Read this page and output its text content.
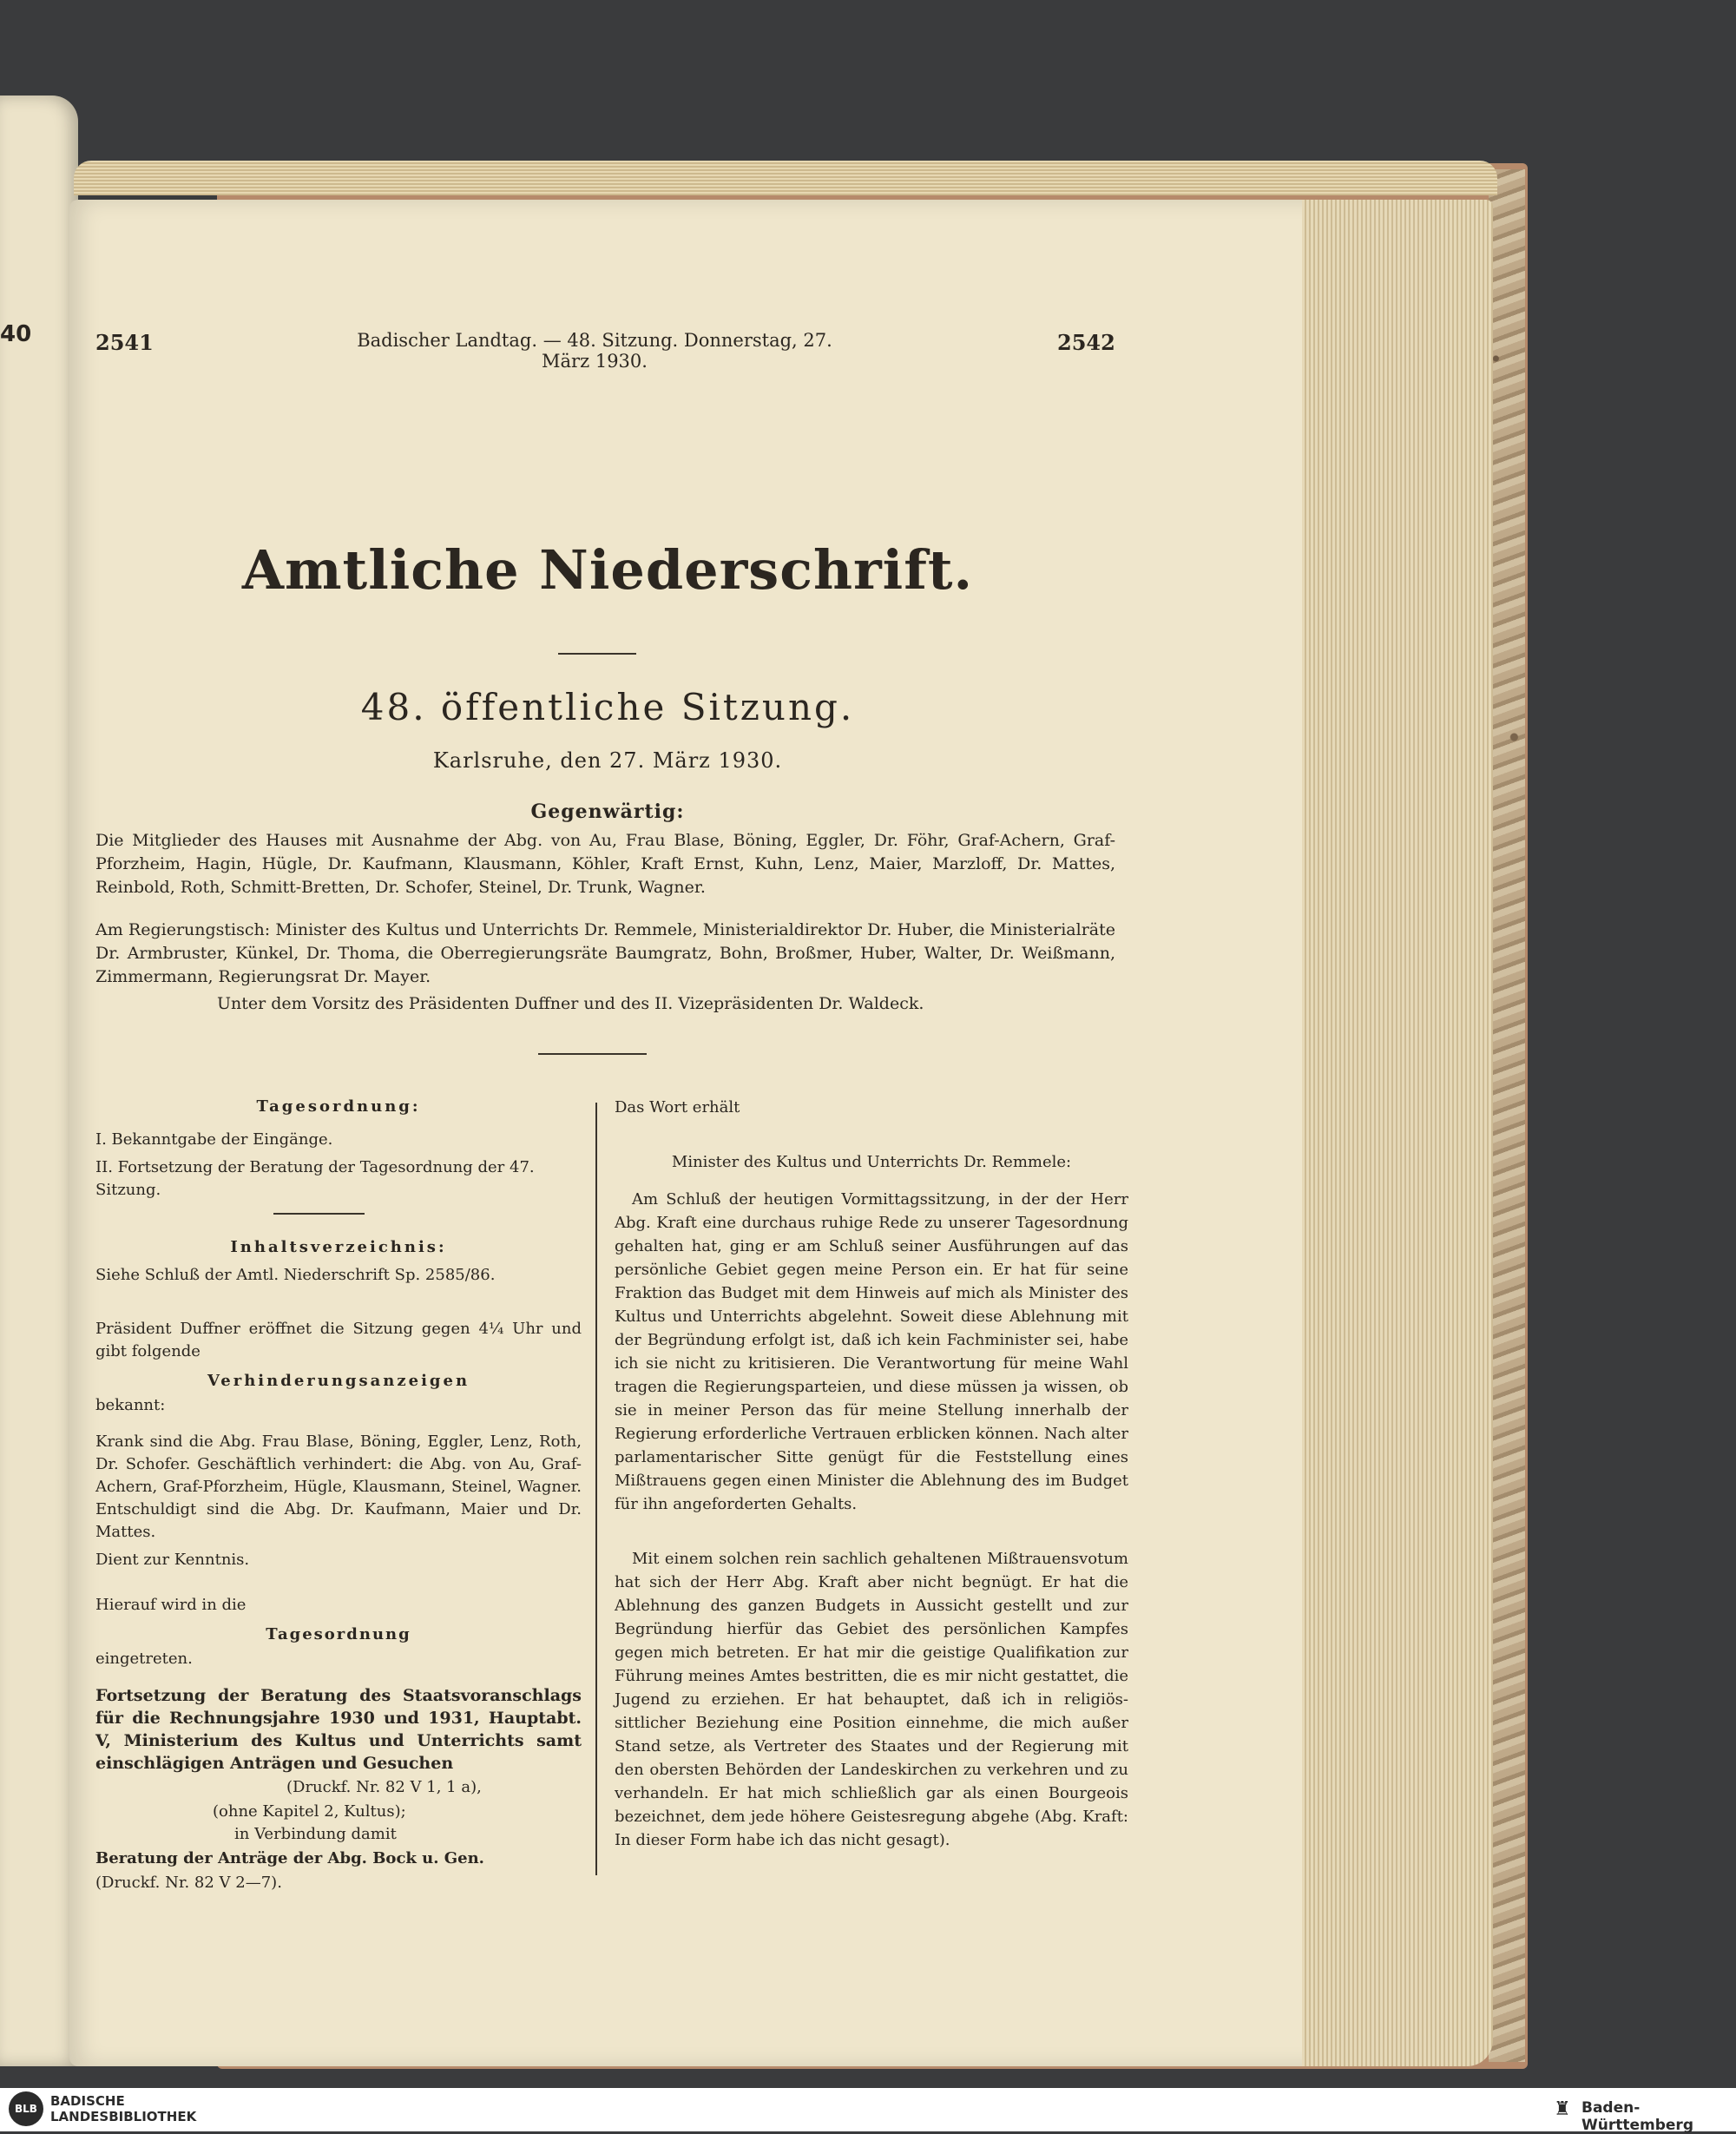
40	2541	Badischer Landtag. — 48. Sitzung. Donnerstag, 27. März 1930.
2542
Amtliche Niederschrift.
48. öffentliche Sitzung.
Karlsruhe, den 27. März 1930.
Gegenwärtig:
Die Mitglieder des Hauses mit Ausnahme der Abg. von Au, Frau Blase, Böning, Eggler, Dr. Föhr, Graf-Achern, Graf-Pforzheim, Hagin, Hügle, Dr. Kaufmann, Klausmann, Köhler, Kraft Ernst, Kuhn, Lenz, Maier, Marzloff, Dr. Mattes, Reinbold, Roth, Schmitt-Bretten, Dr. Schofer, Steinel, Dr. Trunk, Wagner.
Am Regierungstisch: Minister des Kultus und Unterrichts Dr. Remmele, Ministerialdirektor Dr. Huber, die Ministerialräte Dr. Armbruster, Künkel, Dr. Thoma, die Oberregierungsräte Baumgratz, Bohn, Broßmer, Huber, Walter, Dr. Weißmann, Zimmermann, Regierungsrat Dr. Mayer.
Unter dem Vorsitz des Präsidenten Duffner und des II. Vizepräsidenten Dr. Waldeck.
Tagesordnung:
I. Bekanntgabe der Eingänge.
II. Fortsetzung der Beratung der Tagesordnung der 47. Sitzung.
Inhaltsverzeichnis:
Siehe Schluß der Amtl. Niederschrift Sp. 2585/86.
Präsident Duffner eröffnet die Sitzung gegen 4¼ Uhr und gibt folgende
Verhinderungsanzeigen
bekannt:
Krank sind die Abg. Frau Blase, Böning, Eggler, Lenz, Roth, Dr. Schofer. Geschäftlich verhindert: die Abg. von Au, Graf-Achern, Graf-Pforzheim, Hügle, Klausmann, Steinel, Wagner. Entschuldigt sind die Abg. Dr. Kaufmann, Maier und Dr. Mattes.
Dient zur Kenntnis.
Hierauf wird in die
Tagesordnung
eingetreten.
Fortsetzung der Beratung des Staatsvoranschlags für die Rechnungsjahre 1930 und 1931, Hauptabt. V, Ministerium des Kultus und Unterrichts samt einschlägigen Anträgen und Gesuchen
(Druckf. Nr. 82 V 1, 1 a),
(ohne Kapitel 2, Kultus);
in Verbindung damit
Beratung der Anträge der Abg. Bock u. Gen.
(Druckf. Nr. 82 V 2—7).
Das Wort erhält
Minister des Kultus und Unterrichts Dr. Remmele:
Am Schluß der heutigen Vormittagssitzung, in der der Herr Abg. Kraft eine durchaus ruhige Rede zu unserer Tagesordnung gehalten hat, ging er am Schluß seiner Ausführungen auf das persönliche Gebiet gegen meine Person ein. Er hat für seine Fraktion das Budget mit dem Hinweis auf mich als Minister des Kultus und Unterrichts abgelehnt. Soweit diese Ablehnung mit der Begründung erfolgt ist, daß ich kein Fachminister sei, habe ich sie nicht zu kritisieren. Die Verantwortung für meine Wahl tragen die Regierungsparteien, und diese müssen ja wissen, ob sie in meiner Person das für meine Stellung innerhalb der Regierung erforderliche Vertrauen erblicken können. Nach alter parlamentarischer Sitte genügt für die Feststellung eines Mißtrauens gegen einen Minister die Ablehnung des im Budget für ihn angeforderten Gehalts.
Mit einem solchen rein sachlich gehaltenen Mißtrauensvotum hat sich der Herr Abg. Kraft aber nicht begnügt. Er hat die Ablehnung des ganzen Budgets in Aussicht gestellt und zur Begründung hierfür das Gebiet des persönlichen Kampfes gegen mich betreten. Er hat mir die geistige Qualifikation zur Führung meines Amtes bestritten, die es mir nicht gestattet, die Jugend zu erziehen. Er hat behauptet, daß ich in religiös-sittlicher Beziehung eine Position einnehme, die mich außer Stand setze, als Vertreter des Staates und der Regierung mit den obersten Behörden der Landeskirchen zu verkehren und zu verhandeln. Er hat mich schließlich gar als einen Bourgeois bezeichnet, dem jede höhere Geistesregung abgehe (Abg. Kraft: In dieser Form habe ich das nicht gesagt).
BLB	BADISCHE
LANDESBIBLIOTHEK	♜ Baden-Württemberg
